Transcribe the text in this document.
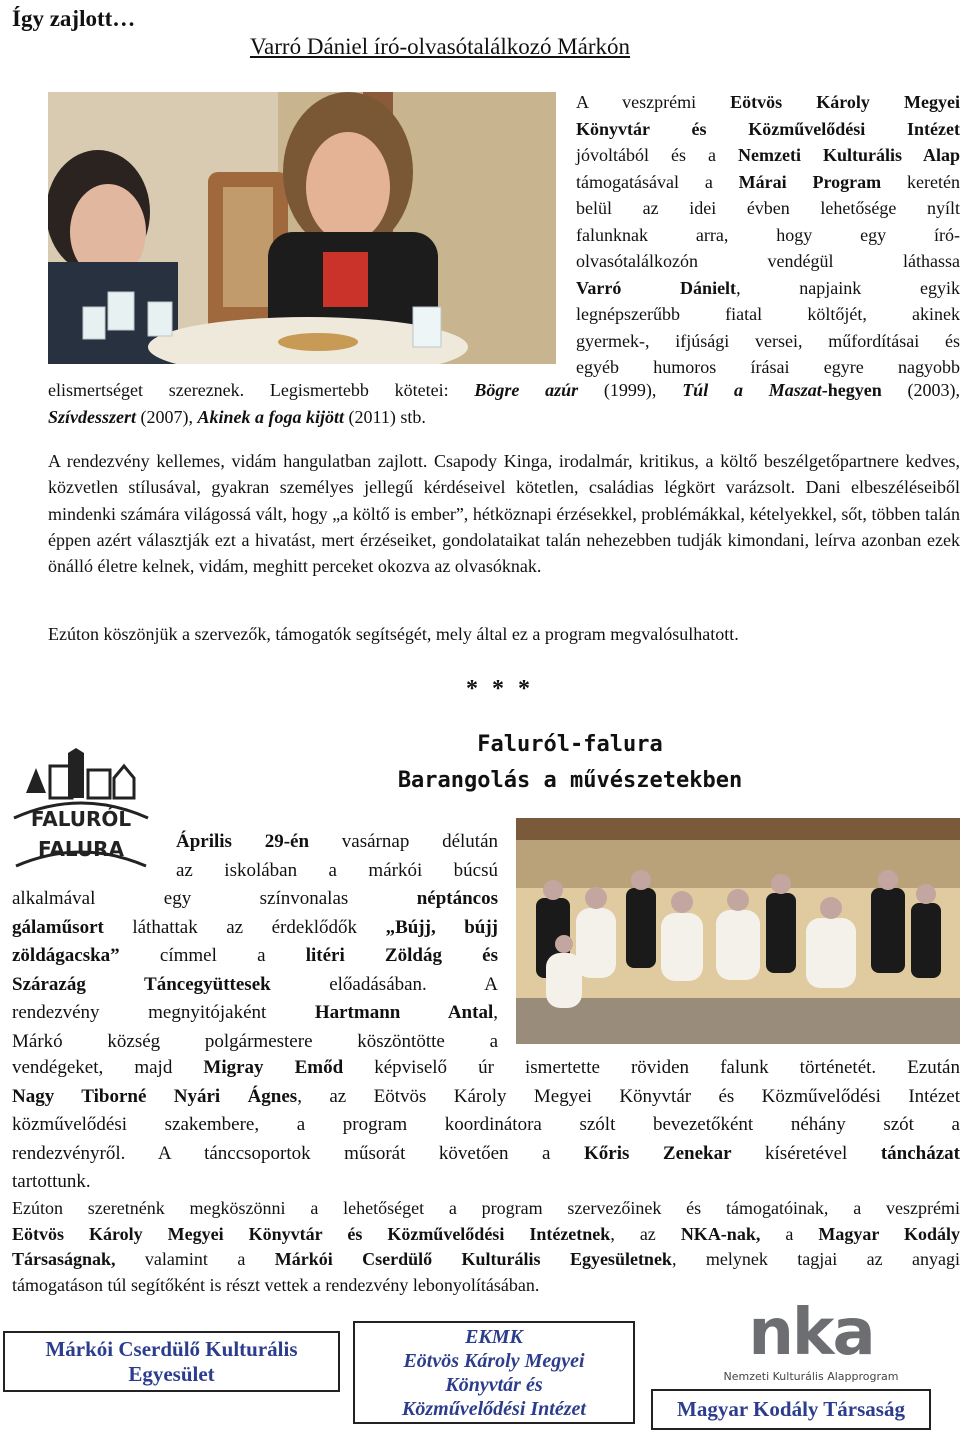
Így zajlott…
Varró Dániel író-olvasótalálkozó Márkón
A veszprémi Eötvös Károly Megyei
Könyvtár és Közművelődési Intézet
jóvoltából és a Nemzeti Kulturális Alap
támogatásával a Márai Program keretén
belül az idei évben lehetősége nyílt
falunknak arra, hogy egy író-
olvasótalálkozón vendégül láthassa
Varró Dánielt, napjaink egyik
legnépszerűbb fiatal költőjét, akinek
gyermek-, ifjúsági versei, műfordításai és
egyéb humoros írásai egyre nagyobb
elismertséget szereznek. Legismertebb kötetei: Bögre azúr (1999), Túl a Maszat-hegyen (2003),
Szívdesszert (2007), Akinek a foga kijött (2011) stb.
A rendezvény kellemes, vidám hangulatban zajlott. Csapody Kinga, irodalmár, kritikus, a költő beszélgetőpartnere kedves, közvetlen stílusával, gyakran személyes jellegű kérdéseivel kötetlen, családias légkört varázsolt. Dani elbeszéléseiből mindenki számára világossá vált, hogy „a költő is ember”, hétköznapi érzésekkel, problémákkal, kételyekkel, sőt, többen talán éppen azért választják ezt a hivatást, mert érzéseiket, gondolataikat talán nehezebben tudják kimondani, leírva azonban ezek önálló életre kelnek, vidám, meghitt perceket okozva az olvasóknak.
Ezúton köszönjük a szervezők, támogatók segítségét, mely által ez a program megvalósulhatott.
* * *
Faluról-falura
Barangolás a művészetekben
FALURÓL
FALURA	Április 29-én vasárnap délután
az iskolában a márkói búcsú
alkalmával egy színvonalas néptáncos
gálaműsort láthattak az érdeklődők „Bújj, bújj
zöldágacska” címmel a litéri Zöldág és
Szárazág Táncegyüttesek előadásában. A
rendezvény megnyitójaként Hartmann Antal,
Márkó község polgármestere köszöntötte a
vendégeket, majd Migray Emőd képviselő úr ismertette röviden falunk történetét. Ezután
Nagy Tiborné Nyári Ágnes, az Eötvös Károly Megyei Könyvtár és Közművelődési Intézet
közművelődési szakembere, a program koordinátora szólt bevezetőként néhány szót a
rendezvényről. A tánccsoportok műsorát követően a Kőris Zenekar kíséretével táncházat
tartottunk.
Ezúton szeretnénk megköszönni a lehetőséget a program szervezőinek és támogatóinak, a veszprémi
Eötvös Károly Megyei Könyvtár és Közművelődési Intézetnek, az NKA-nak, a Magyar Kodály
Társaságnak, valamint a Márkói Cserdülő Kulturális Egyesületnek, melynek tagjai az anyagi
támogatáson túl segítőként is részt vettek a rendezvény lebonyolításában.
Márkói Cserdülő Kulturális Egyesület
EKMK
Eötvös Károly Megyei
Könyvtár és
Közművelődési Intézet
nka
Nemzeti Kulturális Alapprogram
Magyar Kodály Társaság
